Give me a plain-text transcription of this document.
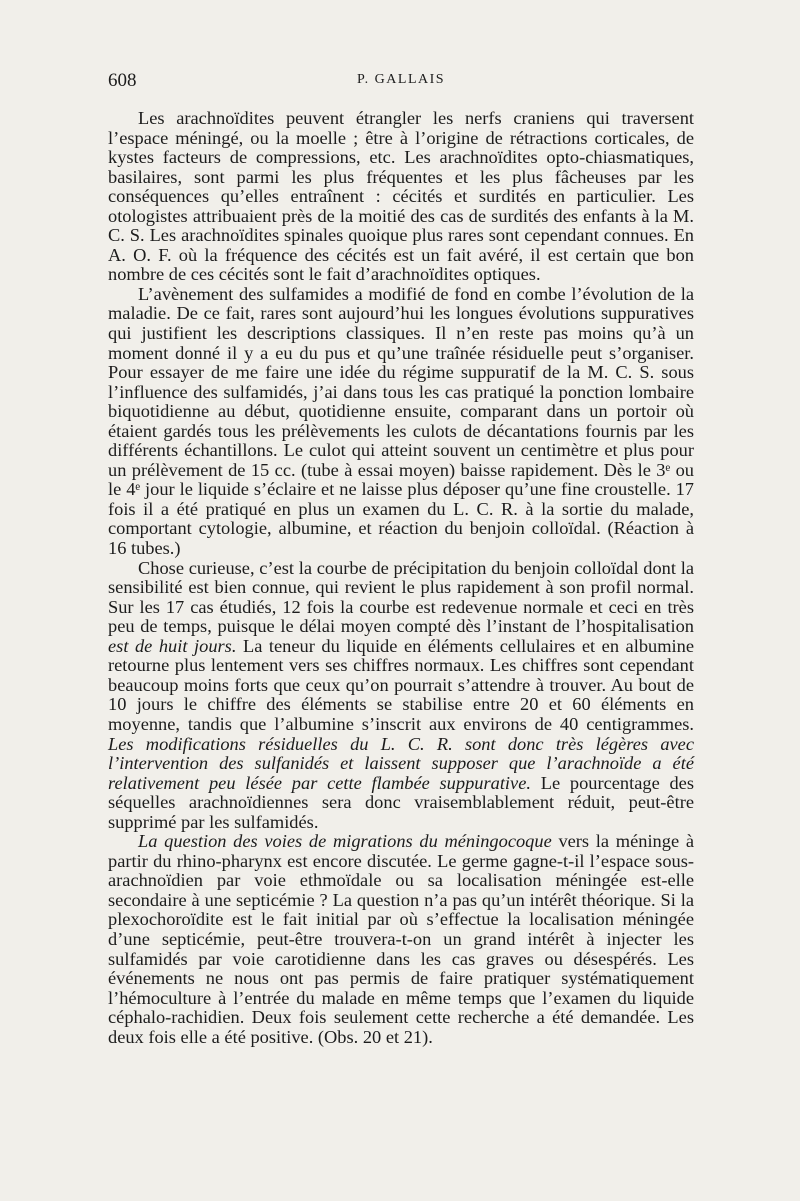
608	P. GALLAIS

Les arachnoïdites peuvent étrangler les nerfs craniens qui traversent l’espace méningé, ou la moelle ; être à l’origine de rétractions corticales, de kystes facteurs de compressions, etc. Les arachnoïdites opto-chiasmatiques, basilaires, sont parmi les plus fréquentes et les plus fâcheuses par les conséquences qu’elles entraînent : cécités et surdités en particulier. Les otologistes attribuaient près de la moitié des cas de surdités des enfants à la M. C. S. Les arachnoïdites spinales quoique plus rares sont cependant connues. En A. O. F. où la fréquence des cécités est un fait avéré, il est certain que bon nombre de ces cécités sont le fait d’arachnoïdites optiques.

L’avènement des sulfamides a modifié de fond en combe l’évolution de la maladie. De ce fait, rares sont aujourd’hui les longues évolutions suppuratives qui justifient les descriptions classiques. Il n’en reste pas moins qu’à un moment donné il y a eu du pus et qu’une traînée résiduelle peut s’organiser. Pour essayer de me faire une idée du régime suppuratif de la M. C. S. sous l’influence des sulfamidés, j’ai dans tous les cas pratiqué la ponction lombaire biquotidienne au début, quotidienne ensuite, comparant dans un portoir où étaient gardés tous les prélèvements les culots de décantations fournis par les différents échantillons. Le culot qui atteint souvent un centimètre et plus pour un prélèvement de 15 cc. (tube à essai moyen) baisse rapidement. Dès le 3ᵉ ou le 4ᵉ jour le liquide s’éclaire et ne laisse plus déposer qu’une fine croustelle. 17 fois il a été pratiqué en plus un examen du L. C. R. à la sortie du malade, comportant cytologie, albumine, et réaction du benjoin colloïdal. (Réaction à 16 tubes.)

Chose curieuse, c’est la courbe de précipitation du benjoin colloïdal dont la sensibilité est bien connue, qui revient le plus rapidement à son profil normal. Sur les 17 cas étudiés, 12 fois la courbe est redevenue normale et ceci en très peu de temps, puisque le délai moyen compté dès l’instant de l’hospitalisation est de huit jours. La teneur du liquide en éléments cellulaires et en albumine retourne plus lentement vers ses chiffres normaux. Les chiffres sont cependant beaucoup moins forts que ceux qu’on pourrait s’attendre à trouver. Au bout de 10 jours le chiffre des éléments se stabilise entre 20 et 60 éléments en moyenne, tandis que l’albumine s’inscrit aux environs de 40 centigrammes. Les modifications résiduelles du L. C. R. sont donc très légères avec l’intervention des sulfanidés et laissent supposer que l’arachnoïde a été relativement peu lésée par cette flambée suppurative. Le pourcentage des séquelles arachnoïdiennes sera donc vraisemblablement réduit, peut-être supprimé par les sulfamidés.

La question des voies de migrations du méningocoque vers la méninge à partir du rhino-pharynx est encore discutée. Le germe gagne-t-il l’espace sous-arachnoïdien par voie ethmoïdale ou sa localisation méningée est-elle secondaire à une septicémie ? La question n’a pas qu’un intérêt théorique. Si la plexochoroïdite est le fait initial par où s’effectue la localisation méningée d’une septicémie, peut-être trouvera-t-on un grand intérêt à injecter les sulfamidés par voie carotidienne dans les cas graves ou désespérés. Les événements ne nous ont pas permis de faire pratiquer systématiquement l’hémoculture à l’entrée du malade en même temps que l’examen du liquide céphalo-rachidien. Deux fois seulement cette recherche a été demandée. Les deux fois elle a été positive. (Obs. 20 et 21).
